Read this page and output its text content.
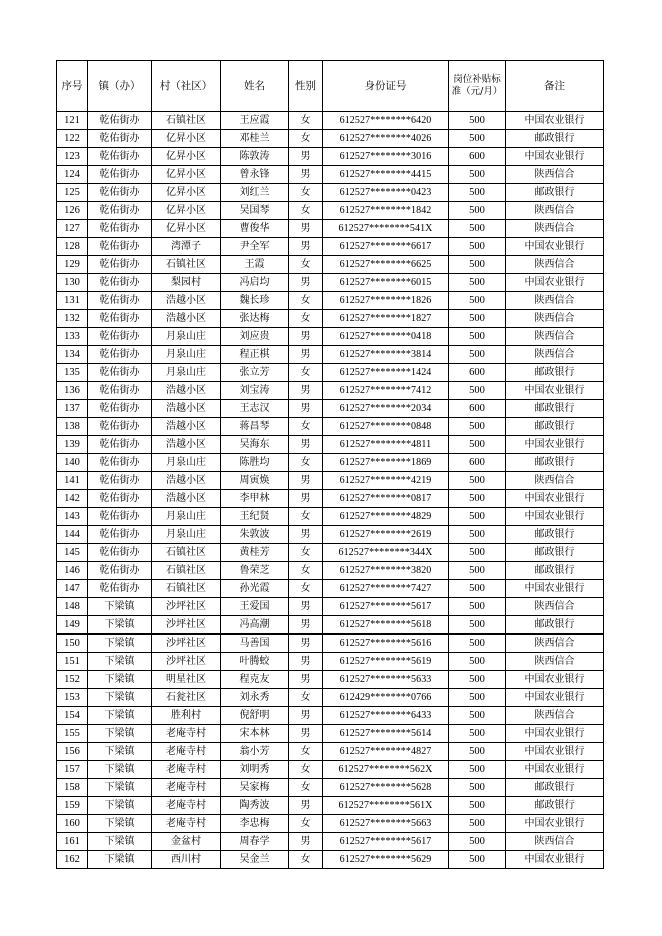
序号	镇（办）	村（社区）	姓名	性别	身份证号	岗位补贴标准（元/月）	备注
121	乾佑街办	石镇社区	王应霞	女	612527********6420	500	中国农业银行
122	乾佑街办	亿昇小区	邓桂兰	女	612527********4026	500	邮政银行
123	乾佑街办	亿昇小区	陈敦涛	男	612527********3016	600	中国农业银行
124	乾佑街办	亿昇小区	曾永锋	男	612527********4415	500	陕西信合
125	乾佑街办	亿昇小区	刘红兰	女	612527********0423	500	邮政银行
126	乾佑街办	亿昇小区	吴国琴	女	612527********1842	500	陕西信合
127	乾佑街办	亿昇小区	曹俊华	男	612527********541X	500	陕西信合
128	乾佑街办	湾潭子	尹全军	男	612527********6617	500	中国农业银行
129	乾佑街办	石镇社区	王霞	女	612527********6625	500	陕西信合
130	乾佑街办	梨园村	冯启均	男	612527********6015	500	中国农业银行
131	乾佑街办	浩越小区	魏长珍	女	612527********1826	500	陕西信合
132	乾佑街办	浩越小区	张达梅	女	612527********1827	500	陕西信合
133	乾佑街办	月泉山庄	刘应贵	男	612527********0418	500	陕西信合
134	乾佑街办	月泉山庄	程正棋	男	612527********3814	500	陕西信合
135	乾佑街办	月泉山庄	张立芳	女	612527********1424	600	邮政银行
136	乾佑街办	浩越小区	刘宝涛	男	612527********7412	500	中国农业银行
137	乾佑街办	浩越小区	王志汉	男	612527********2034	600	邮政银行
138	乾佑街办	浩越小区	蒋昌琴	女	612527********0848	500	邮政银行
139	乾佑街办	浩越小区	吴海东	男	612527********4811	500	中国农业银行
140	乾佑街办	月泉山庄	陈胜均	女	612527********1869	600	邮政银行
141	乾佑街办	浩越小区	周寅焕	男	612527********4219	500	陕西信合
142	乾佑街办	浩越小区	李甲林	男	612527********0817	500	中国农业银行
143	乾佑街办	月泉山庄	王纪贤	女	612527********4829	500	中国农业银行
144	乾佑街办	月泉山庄	朱敦波	男	612527********2619	500	邮政银行
145	乾佑街办	石镇社区	黄桂芳	女	612527********344X	500	邮政银行
146	乾佑街办	石镇社区	鲁荣芝	女	612527********3820	500	邮政银行
147	乾佑街办	石镇社区	孙光霞	女	612527********7427	500	中国农业银行
148	下梁镇	沙坪社区	王爱国	男	612527********5617	500	陕西信合
149	下梁镇	沙坪社区	冯高潮	男	612527********5618	500	邮政银行
150	下梁镇	沙坪社区	马善国	男	612527********5616	500	陕西信合
151	下梁镇	沙坪社区	叶腾蛟	男	612527********5619	500	陕西信合
152	下梁镇	明星社区	程克友	男	612527********5633	500	中国农业银行
153	下梁镇	石瓮社区	刘永秀	女	612429********0766	500	中国农业银行
154	下梁镇	胜利村	倪舒明	男	612527********6433	500	陕西信合
155	下梁镇	老庵寺村	宋本林	男	612527********5614	500	中国农业银行
156	下梁镇	老庵寺村	翁小芳	女	612527********4827	500	中国农业银行
157	下梁镇	老庵寺村	刘明秀	女	612527********562X	500	中国农业银行
158	下梁镇	老庵寺村	吴家梅	女	612527********5628	500	邮政银行
159	下梁镇	老庵寺村	陶秀波	男	612527********561X	500	邮政银行
160	下梁镇	老庵寺村	李忠梅	女	612527********5663	500	中国农业银行
161	下梁镇	金盆村	周春学	男	612527********5617	500	陕西信合
162	下梁镇	西川村	吴金兰	女	612527********5629	500	中国农业银行
